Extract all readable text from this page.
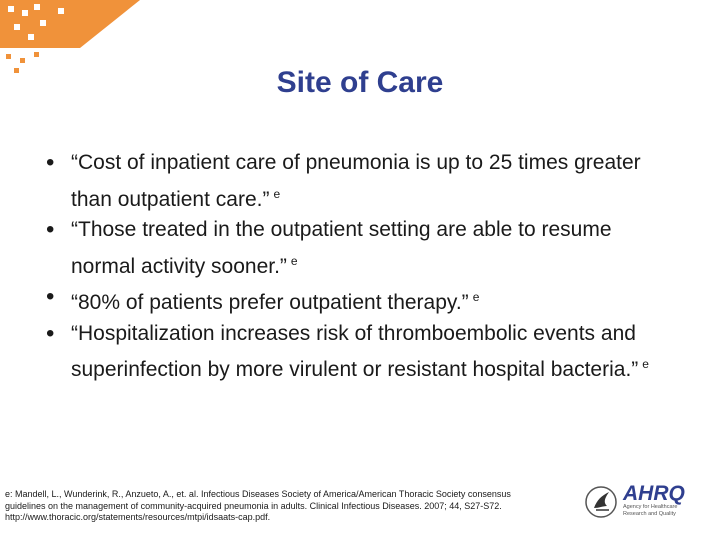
Site of Care
• “Cost of inpatient care of pneumonia is up to 25 times greater than outpatient care.” $^e$
• “Those treated in the outpatient setting are able to resume normal activity sooner.” $^e$
• “80% of patients prefer outpatient therapy.” $^e$
• “Hospitalization increases risk of thromboembolic events and superinfection by more virulent or resistant hospital bacteria.” $^e$

e: Mandell, L., Wunderink, R., Anzueto, A., et. al. Infectious Diseases Society of America/American Thoracic Society consensus guidelines on the management of community-acquired pneumonia in adults. Clinical Infectious Diseases. 2007; 44, S27-S72. http://www.thoracic.org/statements/resources/mtpi/idsaats-cap.pdf.

AHRQ
Agency for Healthcare Research and Quality
